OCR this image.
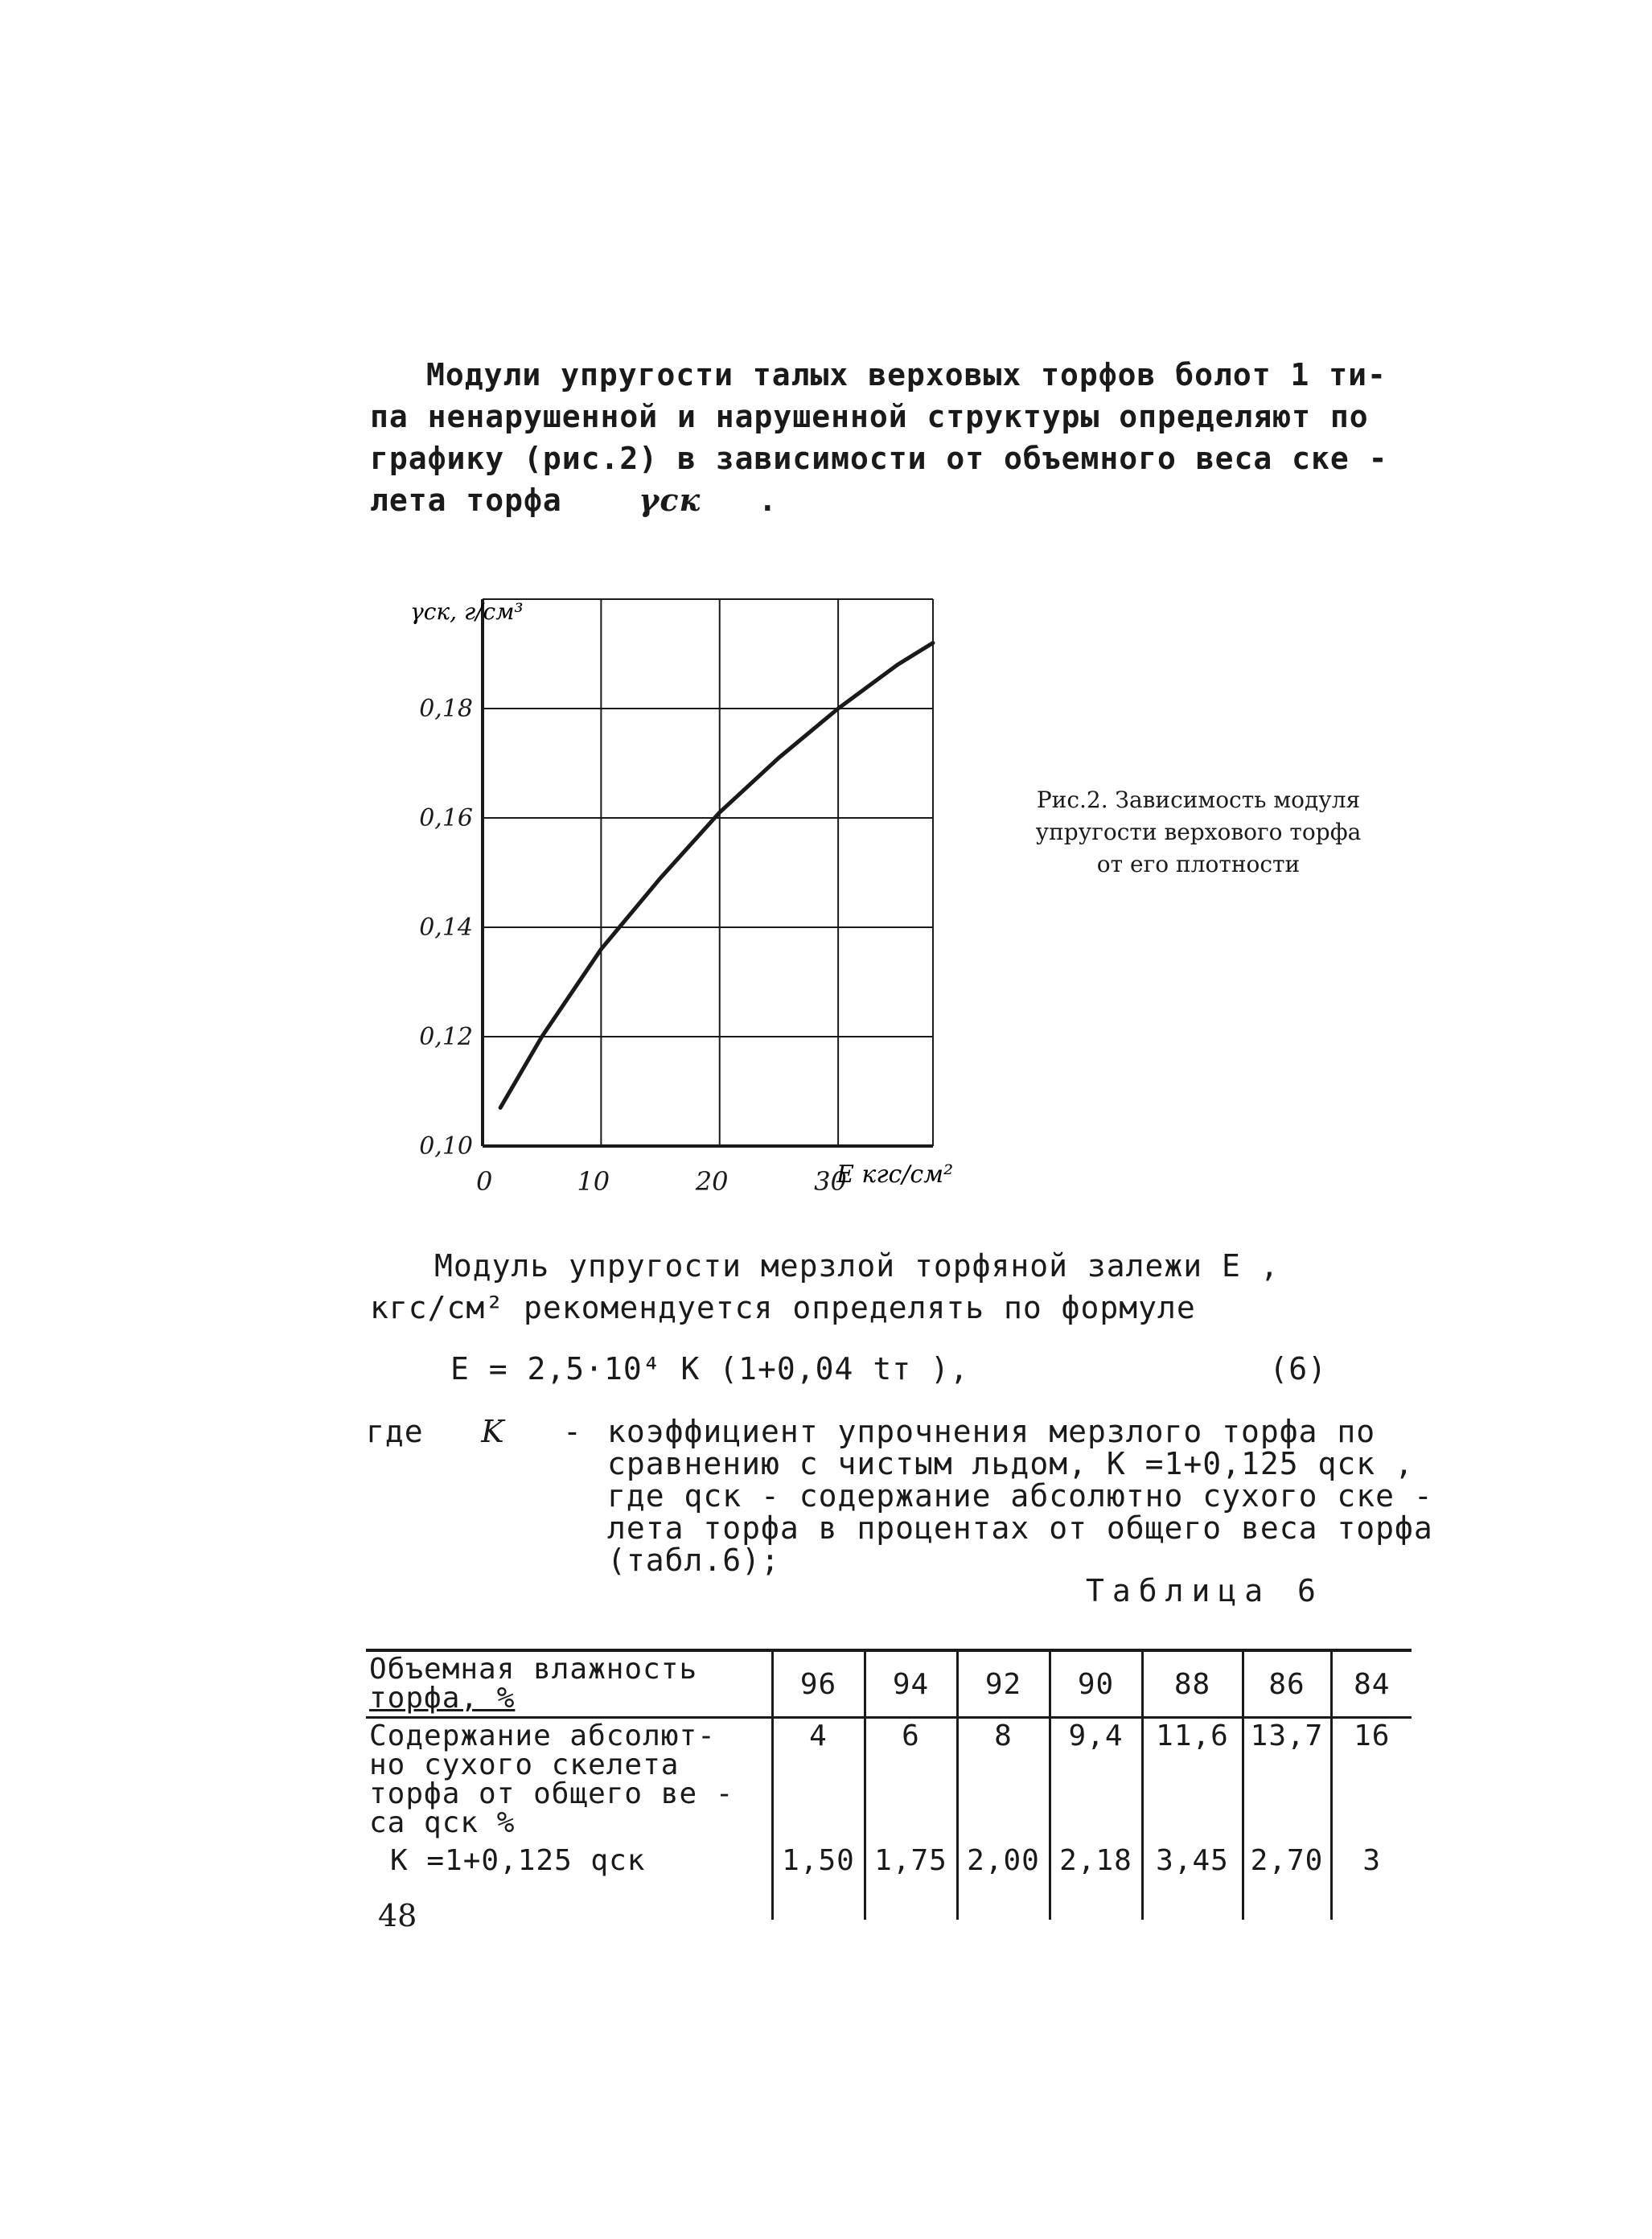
Модули упругости талых верховых торфов болот 1 ти-
па ненарушенной и нарушенной структуры определяют по
графику (рис.2) в зависимости от объемного веса ске -
лета торфа	γск .
0,10
0,12
0,14
0,16
0,18
0	10	20	30
γск, г/см³
E кгс/см²
Рис.2. Зависимость модуля
упругости верхового торфа
от его плотности
Модуль упругости мерзлой торфяной залежи E ,
кгс/см² рекомендуется определять по формуле
E = 2,5·10⁴ K (1+0,04 tт ),	(6)
где K - коэффициент упрочнения мерзлого торфа по
сравнению с чистым льдом, K =1+0,125 qск ,
где qск - содержание абсолютно сухого ске -
лета торфа в процентах от общего веса торфа
(табл.6);
Таблица 6
Объемная влажность
торфа, %	96	94	92	90	88	86	84

Содержание абсолют-
но сухого скелета
торфа от общего ве -
са qск %	4	6	8	9,4	11,6	13,7	16
K =1+0,125 qск	1,50	1,75	2,00	2,18	3,45	2,70	3
48
